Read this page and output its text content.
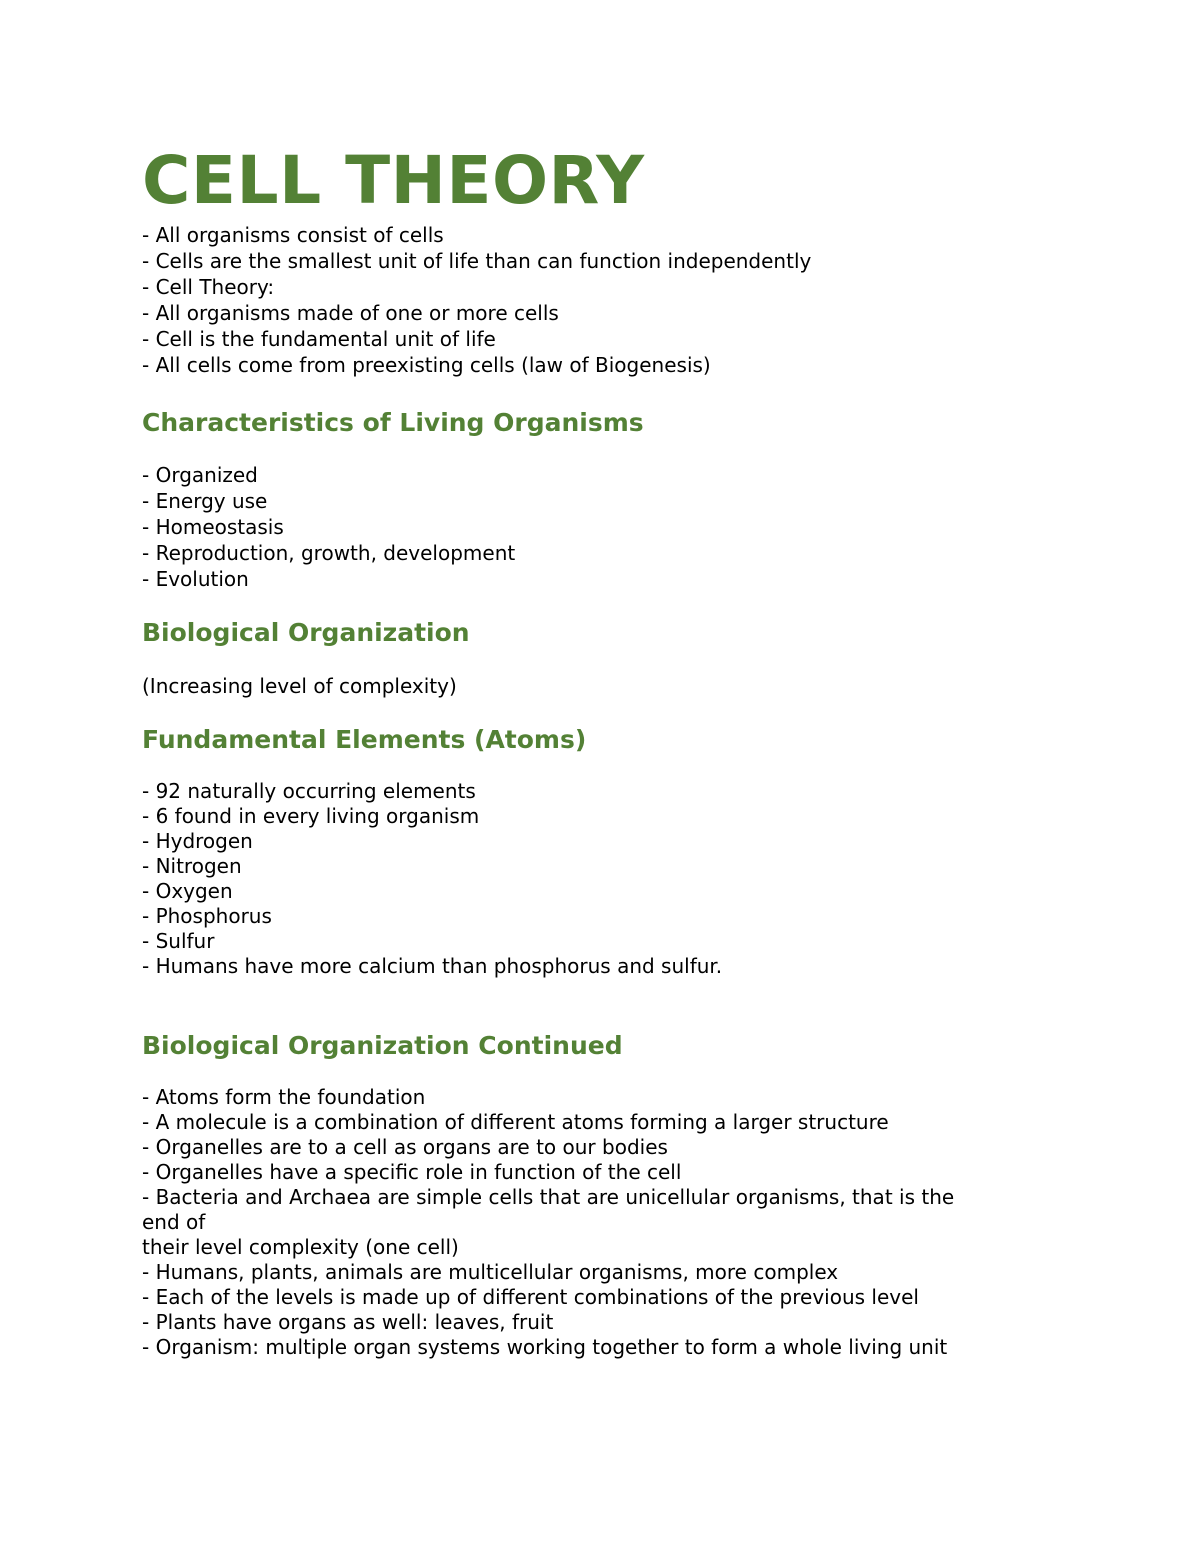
CELL THEORY

- All organisms consist of cells

- Cells are the smallest unit of life than can function independently

- Cell Theory:

- All organisms made of one or more cells

- Cell is the fundamental unit of life

- All cells come from preexisting cells (law of Biogenesis)

Characteristics of Living Organisms

- Organized

- Energy use

- Homeostasis

- Reproduction, growth, development

- Evolution

Biological Organization

(Increasing level of complexity)

Fundamental Elements (Atoms)

- 92 naturally occurring elements

- 6 found in every living organism

- Hydrogen

- Nitrogen

- Oxygen

- Phosphorus

- Sulfur

- Humans have more calcium than phosphorus and sulfur.

Biological Organization Continued

- Atoms form the foundation

- A molecule is a combination of different atoms forming a larger structure

- Organelles are to a cell as organs are to our bodies

- Organelles have a specific role in function of the cell

- Bacteria and Archaea are simple cells that are unicellular organisms, that is the

end of

their level complexity (one cell)

- Humans, plants, animals are multicellular organisms, more complex

- Each of the levels is made up of different combinations of the previous level

- Plants have organs as well: leaves, fruit

- Organism: multiple organ systems working together to form a whole living unit
